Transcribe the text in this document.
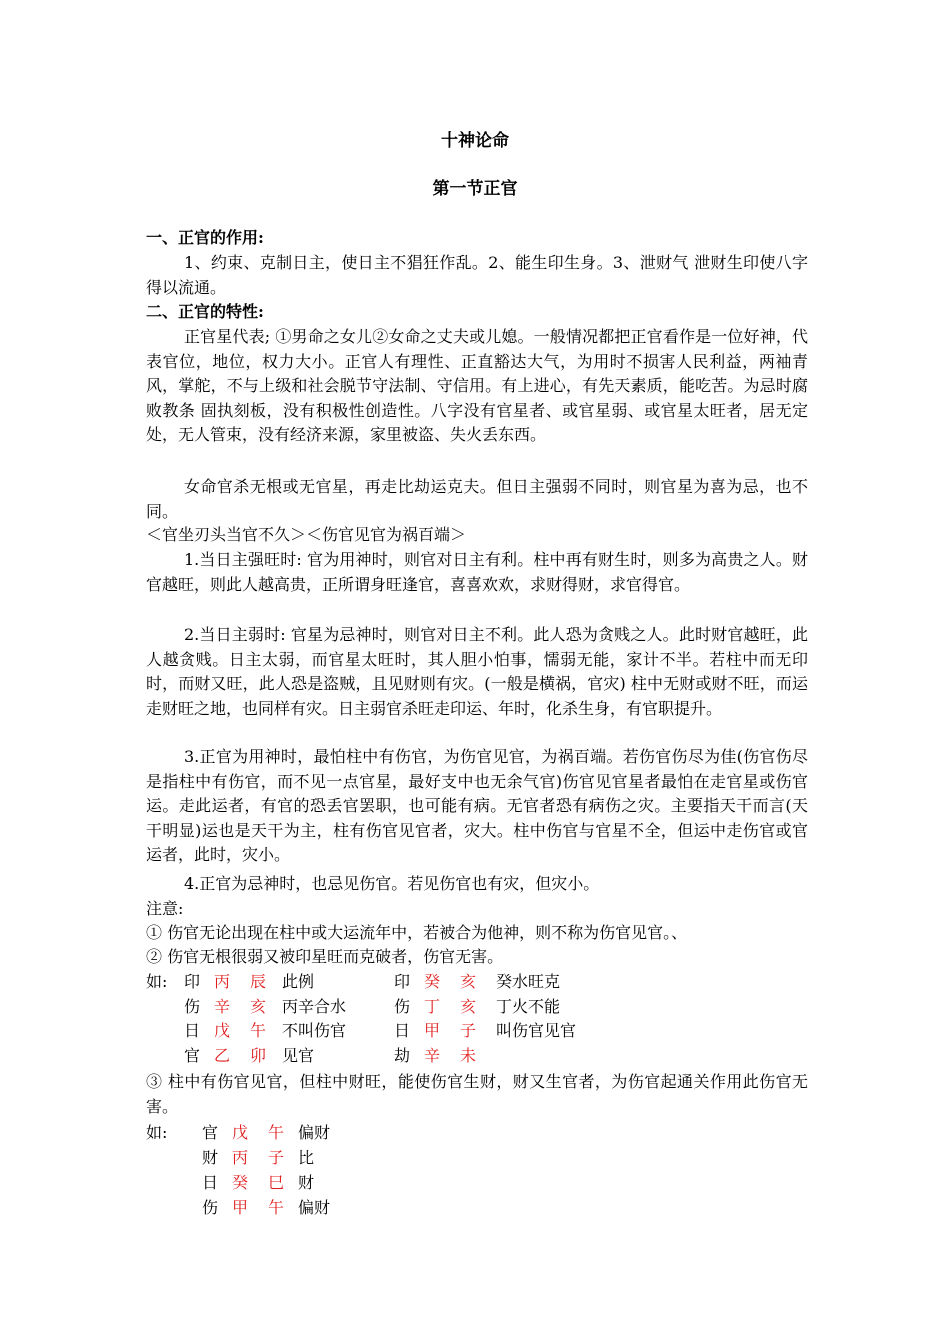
十神论命
第一节正官
一、正官的作用:

1、约束、克制日主，使日主不猖狂作乱。2、能生印生身。3、泄财气 泄财生印使八字得以流通。

二、正官的特性:

正官星代表; ①男命之女儿②女命之丈夫或儿媳。一般情况都把正官看作是一位好神，代表官位，地位，权力大小。正官人有理性、正直豁达大气，为用时不损害人民利益，两袖青风，掌舵，不与上级和社会脱节守法制、守信用。有上进心，有先天素质，能吃苦。为忌时腐败教条 固执刻板，没有积极性创造性。八字没有官星者、或官星弱、或官星太旺者，居无定处，无人管束，没有经济来源，家里被盗、失火丢东西。

女命官杀无根或无官星，再走比劫运克夫。但日主强弱不同时，则官星为喜为忌，也不同。

＜官坐刃头当官不久＞＜伤官见官为祸百端＞

1.当日主强旺时: 官为用神时，则官对日主有利。柱中再有财生时，则多为高贵之人。财官越旺，则此人越高贵，正所谓身旺逢官，喜喜欢欢，求财得财，求官得官。

2.当日主弱时: 官星为忌神时，则官对日主不利。此人恐为贪贱之人。此时财官越旺，此人越贪贱。日主太弱，而官星太旺时，其人胆小怕事，懦弱无能，家计不半。若柱中而无印时，而财又旺，此人恐是盗贼，且见财则有灾。(一般是横祸，官灾) 柱中无财或财不旺，而运走财旺之地，也同样有灾。日主弱官杀旺走印运、年时，化杀生身，有官职提升。

3.正官为用神时，最怕柱中有伤官，为伤官见官，为祸百端。若伤官伤尽为佳(伤官伤尽是指柱中有伤官，而不见一点官星，最好支中也无余气官)伤官见官星者最怕在走官星或伤官运。走此运者，有官的恐丢官罢职，也可能有病。无官者恐有病伤之灾。主要指天干而言(天干明显)运也是天干为主，柱有伤官见官者，灾大。柱中伤官与官星不全，但运中走伤官或官运者，此时，灾小。

4.正官为忌神时，也忌见伤官。若见伤官也有灾，但灾小。

注意:
① 伤官无论出现在柱中或大运流年中，若被合为他神，则不称为伤官见官。、
② 伤官无根很弱又被印星旺而克破者，伤官无害。
如: 印 丙 辰 此例
伤 辛 亥 丙辛合水
日 戊 午 不叫伤官
官 乙 卯 见官
印 癸 亥 癸水旺克
伤 丁 亥 丁火不能
日 甲 子 叫伤官见官
劫 辛 未

③ 柱中有伤官见官，但柱中财旺，能使伤官生财，财又生官者，为伤官起通关作用此伤官无害。

如: 官 戊 午 偏财
财 丙 子 比
日 癸 巳 财
伤 甲 午 偏财
